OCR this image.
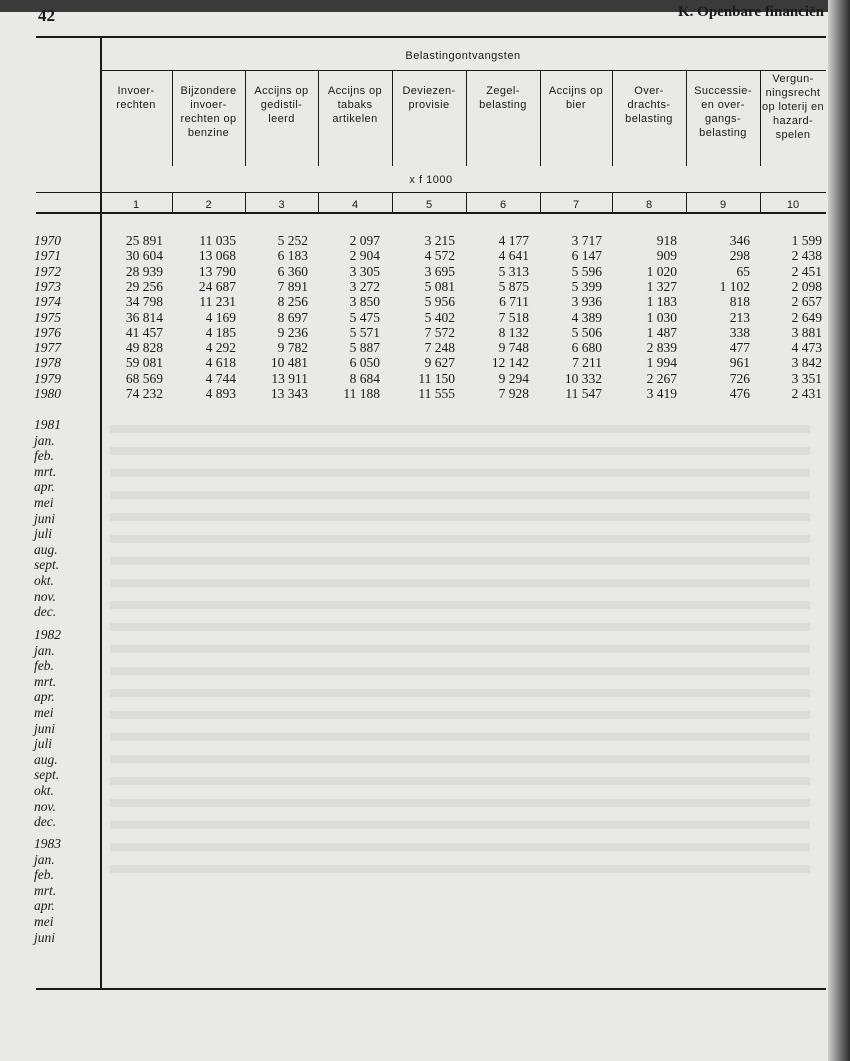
42	K. Openbare financiën
Belastingontvangsten
Invoer-
rechten
Bijzondere
invoer-
rechten op
benzine
Accijns op
gedistil-
leerd
Accijns op
tabaks
artikelen
Deviezen-
provisie
Zegel-
belasting
Accijns op
bier
Over-
drachts-
belasting
Successie-
en over-
gangs-
belasting
Vergun-
ningsrecht
op loterij en
hazard-
spelen
x f 1000
1	2	3	4	5	6	7	8	9	10
1970	25 891	11 035	5 252	2 097	3 215	4 177	3 717	918	346	1 599
1971	30 604	13 068	6 183	2 904	4 572	4 641	6 147	909	298	2 438
1972	28 939	13 790	6 360	3 305	3 695	5 313	5 596	1 020	65	2 451
1973	29 256	24 687	7 891	3 272	5 081	5 875	5 399	1 327	1 102	2 098
1974	34 798	11 231	8 256	3 850	5 956	6 711	3 936	1 183	818	2 657
1975	36 814	4 169	8 697	5 475	5 402	7 518	4 389	1 030	213	2 649
1976	41 457	4 185	9 236	5 571	7 572	8 132	5 506	1 487	338	3 881
1977	49 828	4 292	9 782	5 887	7 248	9 748	6 680	2 839	477	4 473
1978	59 081	4 618	10 481	6 050	9 627	12 142	7 211	1 994	961	3 842
1979	68 569	4 744	13 911	8 684	11 150	9 294	10 332	2 267	726	3 351
1980	74 232	4 893	13 343	11 188	11 555	7 928	11 547	3 419	476	2 431
1981
jan.
feb.
mrt.
apr.
mei
juni
juli
aug.
sept.
okt.
nov.
dec.
1982
jan.
feb.
mrt.
apr.
mei
juni
juli
aug.
sept.
okt.
nov.
dec.
1983
jan.
feb.
mrt.
apr.
mei
juni
